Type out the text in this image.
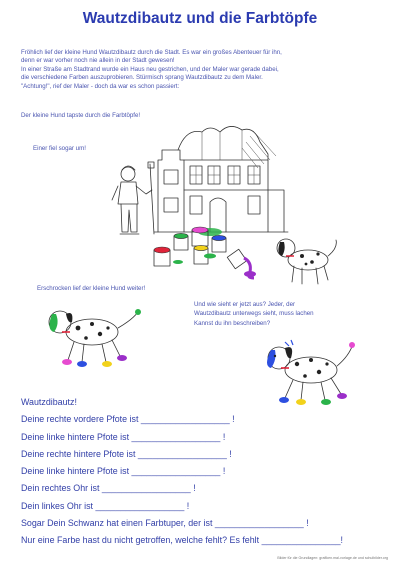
Wautzdibautz und die Farbtöpfe
Fröhlich lief der kleine Hund Wautzdibautz durch die Stadt. Es war ein großes Abenteuer für ihn,
denn er war vorher noch nie allein in der Stadt gewesen!
In einer Straße am Stadtrand wurde ein Haus neu gestrichen, und der Maler war gerade dabei,
die verschiedene Farben auszuprobieren. Stürmisch sprang Wautzdibautz zu dem Maler.
"Achtung!", rief der Maler - doch da war es schon passiert:
Der kleine Hund tapste durch die Farbtöpfe!
Einer fiel sogar um!
Erschrocken lief der kleine Hund weiter!
Und wie sieht er jetzt aus? Jeder, der
Wautzdibautz unterwegs sieht, muss lachen
Kannst du ihn beschreiben?
Wautzdibautz!
Deine rechte vordere Pfote ist __________________ !
Deine linke hintere Pfote ist __________________ !
Deine rechte hintere Pfote ist __________________ !
Deine linke hintere Pfote ist __________________ !
Dein rechtes Ohr ist __________________ !
Dein linkes Ohr ist __________________ !
Sogar Dein Schwanz hat einen Farbtuper, der ist __________________ !
Nur eine Farbe hast du nicht getroffen, welche fehlt? Es fehlt ________________!
Bilder für die Grundlagen: grafiken.mal-vorlage.de und schulbilder.org
